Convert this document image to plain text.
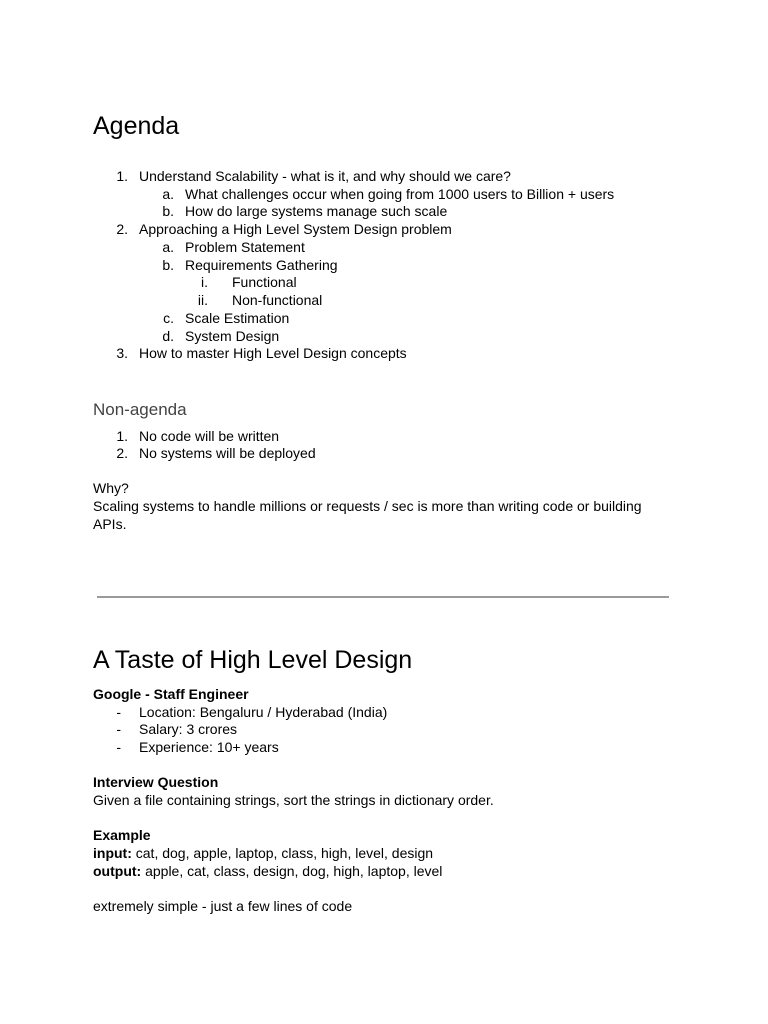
Agenda
1. Understand Scalability - what is it, and why should we care?
a. What challenges occur when going from 1000 users to Billion + users
b. How do large systems manage such scale
2. Approaching a High Level System Design problem
a. Problem Statement
b. Requirements Gathering
i. Functional
ii. Non-functional
c. Scale Estimation
d. System Design
3. How to master High Level Design concepts
Non-agenda
1. No code will be written
2. No systems will be deployed
Why?
Scaling systems to handle millions or requests / sec is more than writing code or building
APIs.
A Taste of High Level Design
Google - Staff Engineer
- Location: Bengaluru / Hyderabad (India)
- Salary: 3 crores
- Experience: 10+ years
Interview Question
Given a file containing strings, sort the strings in dictionary order.
Example
input: cat, dog, apple, laptop, class, high, level, design
output: apple, cat, class, design, dog, high, laptop, level
extremely simple - just a few lines of code
